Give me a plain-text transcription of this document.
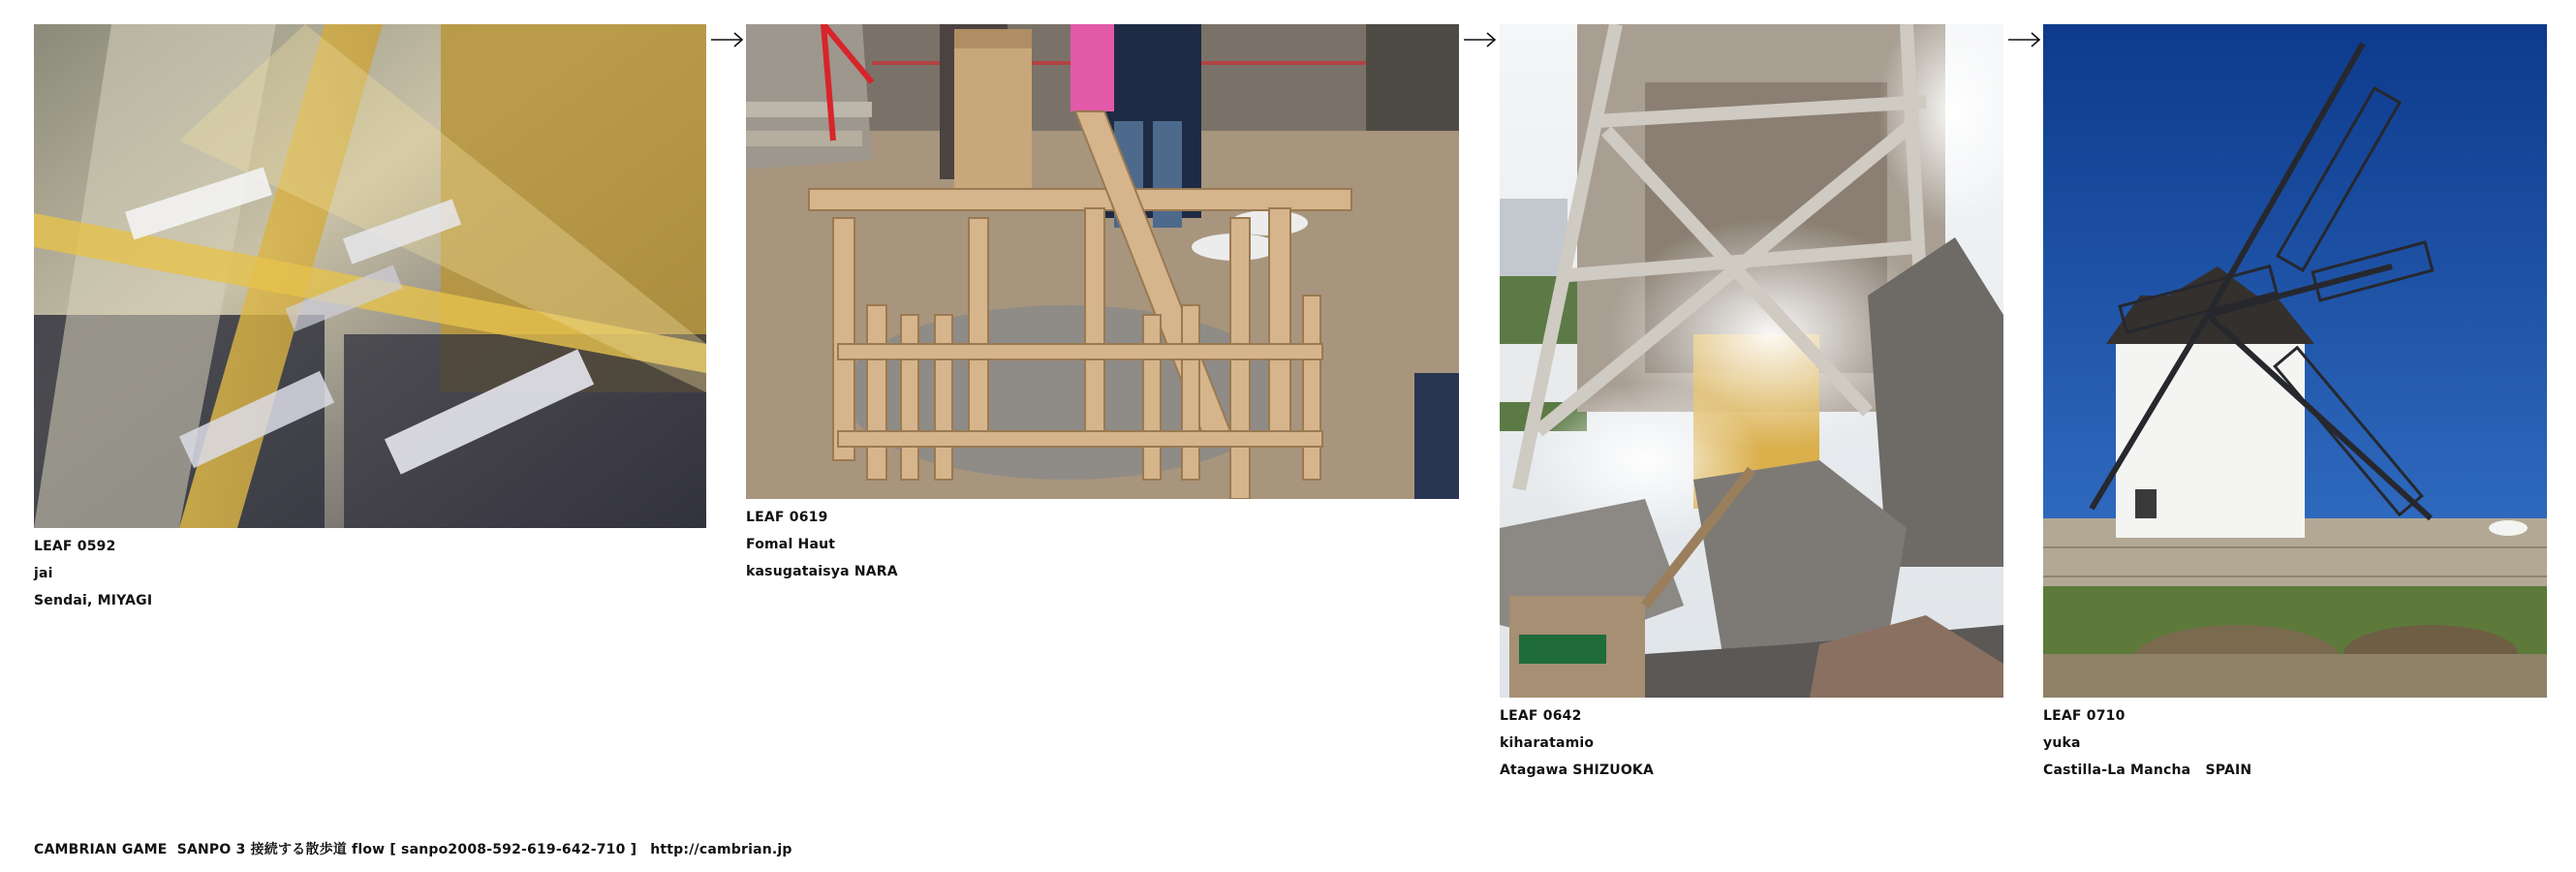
LEAF 0592
jai
Sendai, MIYAGI
LEAF 0619
Fomal Haut
kasugataisya NARA
LEAF 0642
kiharatamio
Atagawa SHIZUOKA
LEAF 0710
yuka
Castilla-La Mancha   SPAIN
CAMBRIAN GAME  SANPO 3 接続する散歩道 flow [ sanpo2008-592-619-642-710 ] http://cambrian.jp
